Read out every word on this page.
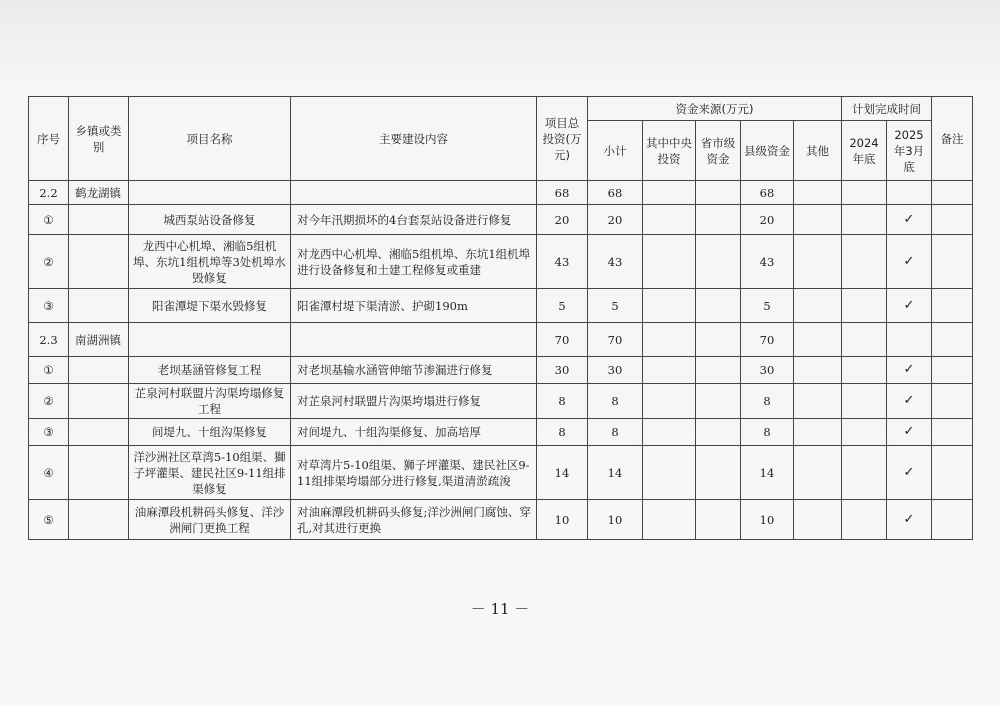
序号	乡镇或类别	项目名称	主要建设内容	项目总投资(万元)	资金来源(万元)					计划完成时间		备注
					小计	其中中央投资	省市级资金	县级资金	其他	2024年底	2025年3月底	
2.2	鹤龙湖镇			68	68			68				
①		城西泵站设备修复	对今年汛期损坏的4台套泵站设备进行修复	20	20			20			✓	
②		龙西中心机埠、湘临5组机埠、东坑1组机埠等3处机埠水毁修复	对龙西中心机埠、湘临5组机埠、东坑1组机埠进行设备修复和土建工程修复或重建	43	43			43			✓	
③		阳雀潭堤下渠水毁修复	阳雀潭村堤下渠清淤、护砌190m	5	5			5			✓	
2.3	南湖洲镇			70	70			70				
①		老坝基涵管修复工程	对老坝基输水涵管伸缩节渗漏进行修复	30	30			30			✓	
②		芷泉河村联盟片沟渠垮塌修复工程	对芷泉河村联盟片沟渠垮塌进行修复	8	8			8			✓	
③		间堤九、十组沟渠修复	对间堤九、十组沟渠修复、加高培厚	8	8			8			✓	
④		洋沙洲社区草湾5-10组渠、獅子坪灌渠、建民社区9-11组排渠修复	对草湾片5-10组渠、狮子坪灌渠、建民社区9-11组排渠垮塌部分进行修复,渠道清淤疏浚	14	14			14			✓	
⑤		油麻潭段机耕码头修复、洋沙洲闸门更换工程	对油麻潭段机耕码头修复;洋沙洲闸门腐蚀、穿孔,对其进行更换	10	10			10			✓	
－ 11 －
